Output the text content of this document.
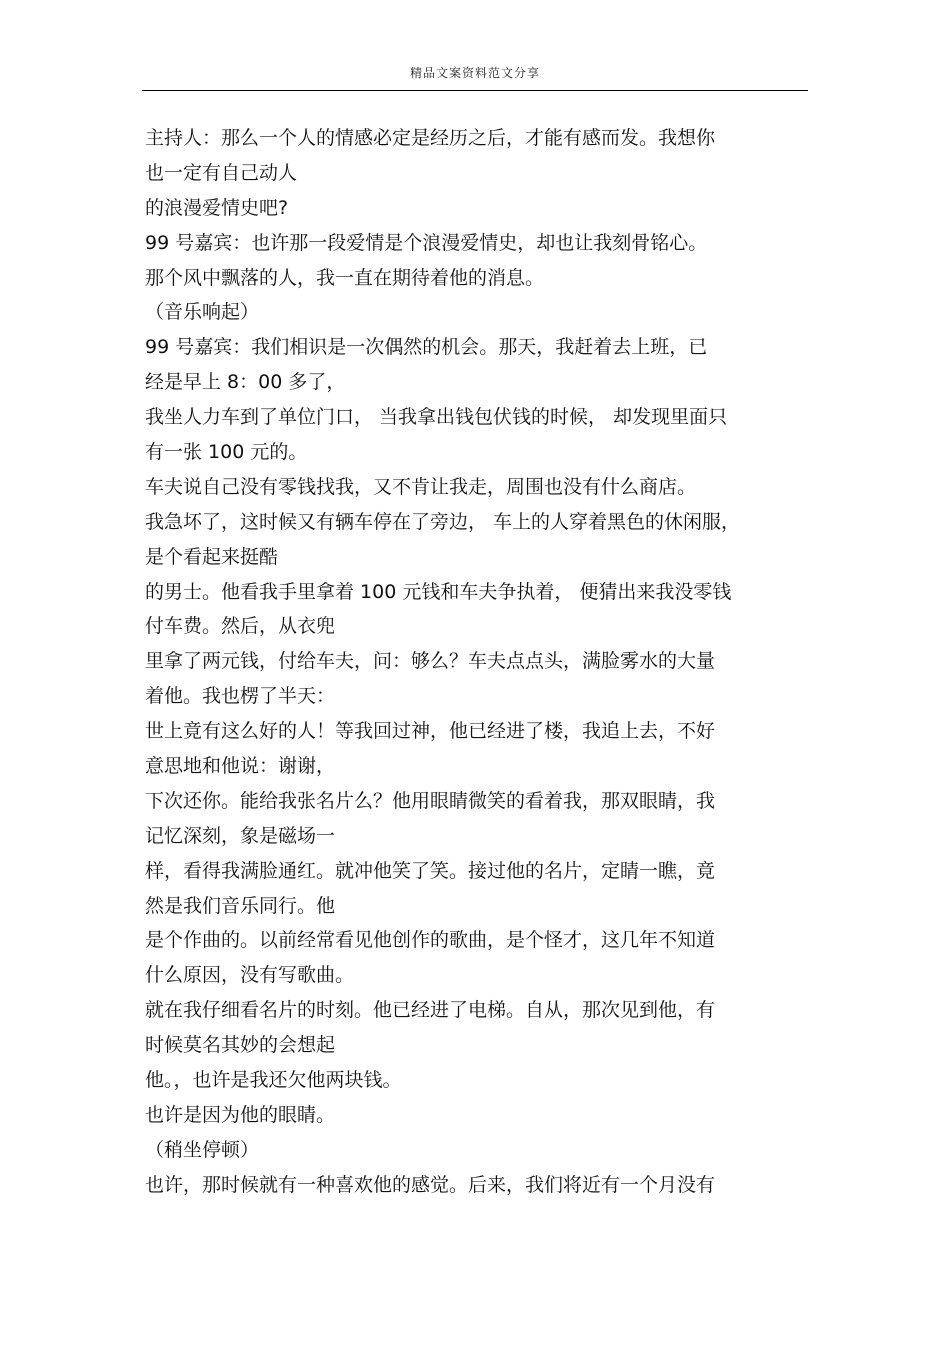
精品文案资料范文分享
主持人：那么一个人的情感必定是经历之后，才能有感而发。我想你
也一定有自己动人
的浪漫爱情史吧?
99 号嘉宾：也许那一段爱情是个浪漫爱情史，却也让我刻骨铭心。
那个风中飘落的人，我一直在期待着他的消息。
（音乐响起）
99 号嘉宾：我们相识是一次偶然的机会。那天，我赶着去上班，已
经是早上 8：00 多了，
我坐人力车到了单位门口， 当我拿出钱包伏钱的时候， 却发现里面只
有一张 100 元的。
车夫说自己没有零钱找我，又不肯让我走，周围也没有什么商店。
我急坏了，这时候又有辆车停在了旁边， 车上的人穿着黑色的休闲服，
是个看起来挺酷
的男士。他看我手里拿着 100 元钱和车夫争执着， 便猜出来我没零钱
付车费。然后，从衣兜
里拿了两元钱，付给车夫，问：够么？车夫点点头，满脸雾水的大量
着他。我也楞了半天：
世上竟有这么好的人！等我回过神，他已经进了楼，我追上去，不好
意思地和他说：谢谢，
下次还你。能给我张名片么？他用眼睛微笑的看着我，那双眼睛，我
记忆深刻，象是磁场一
样，看得我满脸通红。就冲他笑了笑。接过他的名片，定睛一瞧，竟
然是我们音乐同行。他
是个作曲的。以前经常看见他创作的歌曲，是个怪才，这几年不知道
什么原因，没有写歌曲。
就在我仔细看名片的时刻。他已经进了电梯。自从，那次见到他，有
时候莫名其妙的会想起
他。，也许是我还欠他两块钱。
也许是因为他的眼睛。
（稍坐停顿）
也许，那时候就有一种喜欢他的感觉。后来，我们将近有一个月没有
